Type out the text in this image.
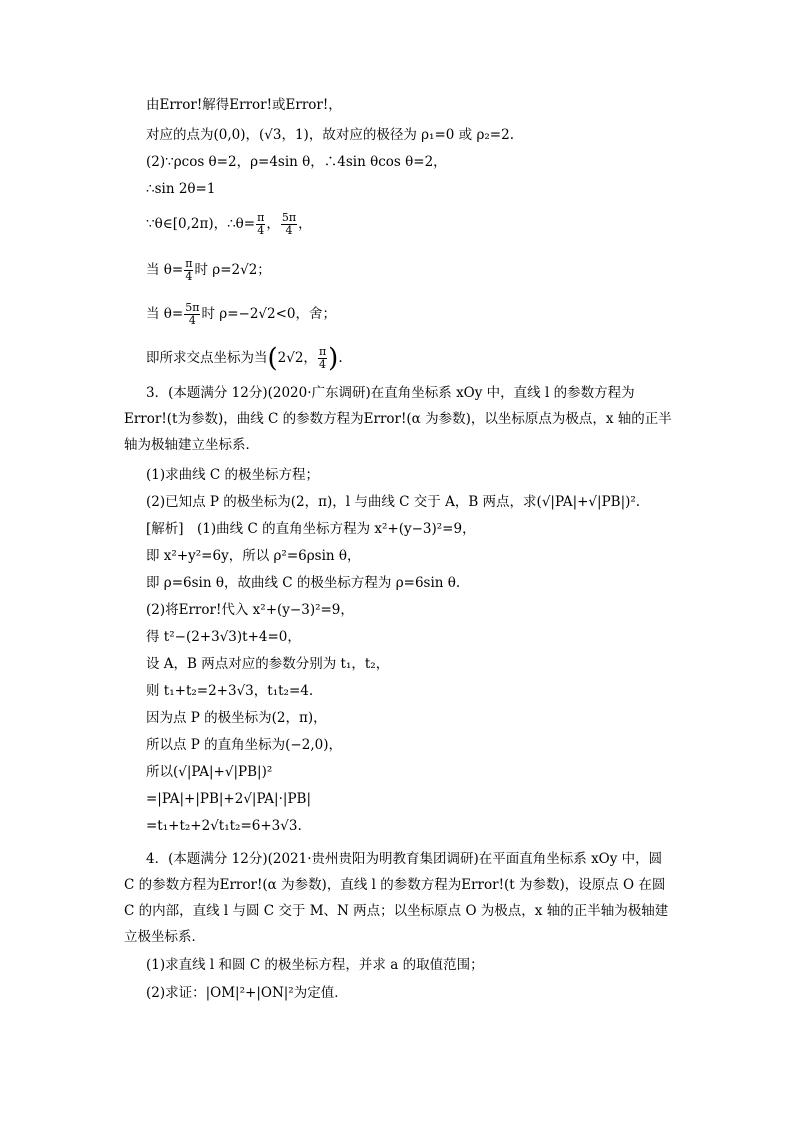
由Error!解得Error!或Error!，
对应的点为(0,0)，(√3，1)，故对应的极径为 ρ₁=0 或 ρ₂=2.
(2)∵ρcos θ=2，ρ=4sin θ，∴4sin θcos θ=2，
∴sin 2θ=1
∵θ∈[0,2π)，∴θ= $\frac{\pi}{4}$ ， $\frac{5\pi}{4}$ ，
当 $\theta= \frac{\pi}{4}$ 时 ρ=2√2；
当 $\theta= \frac{5\pi}{4}$ 时 ρ=−2√2<0，舍；
即所求交点坐标为当(2√2， $\frac{\pi}{4}$ ).
3．(本题满分 12分)(2020·广东调研)在直角坐标系 xOy 中，直线 l 的参数方程为Error!(t为参数)，曲线 C 的参数方程为Error!(α 为参数)，以坐标原点为极点，x 轴的正半轴为极轴建立坐标系．
(1)求曲线 C 的极坐标方程；
(2)已知点 P 的极坐标为(2，π)，l 与曲线 C 交于 A，B 两点，求(√|PA|+√|PB|)².
[解析]　(1)曲线 C 的直角坐标方程为 x²+(y−3)²=9，
即 x²+y²=6y，所以 ρ²=6ρsin θ，
即 ρ=6sin θ，故曲线 C 的极坐标方程为 ρ=6sin θ.
(2)将Error!代入 x²+(y−3)²=9，
得 t²−(2+3√3)t+4=0，
设 A，B 两点对应的参数分别为 t₁，t₂，
则 t₁+t₂=2+3√3，t₁t₂=4.
因为点 P 的极坐标为(2，π)，
所以点 P 的直角坐标为(−2,0)，
所以(√|PA|+√|PB|)²
=|PA|+|PB|+2√|PA|·|PB|
=t₁+t₂+2√t₁t₂=6+3√3.
4．(本题满分 12分)(2021·贵州贵阳为明教育集团调研)在平面直角坐标系 xOy 中，圆 C 的参数方程为Error!(α 为参数)，直线 l 的参数方程为Error!(t 为参数)，设原点 O 在圆 C 的内部，直线 l 与圆 C 交于 M、N 两点；以坐标原点 O 为极点，x 轴的正半轴为极轴建立极坐标系．
(1)求直线 l 和圆 C 的极坐标方程，并求 a 的取值范围；
(2)求证：|OM|²+|ON|²为定值．
